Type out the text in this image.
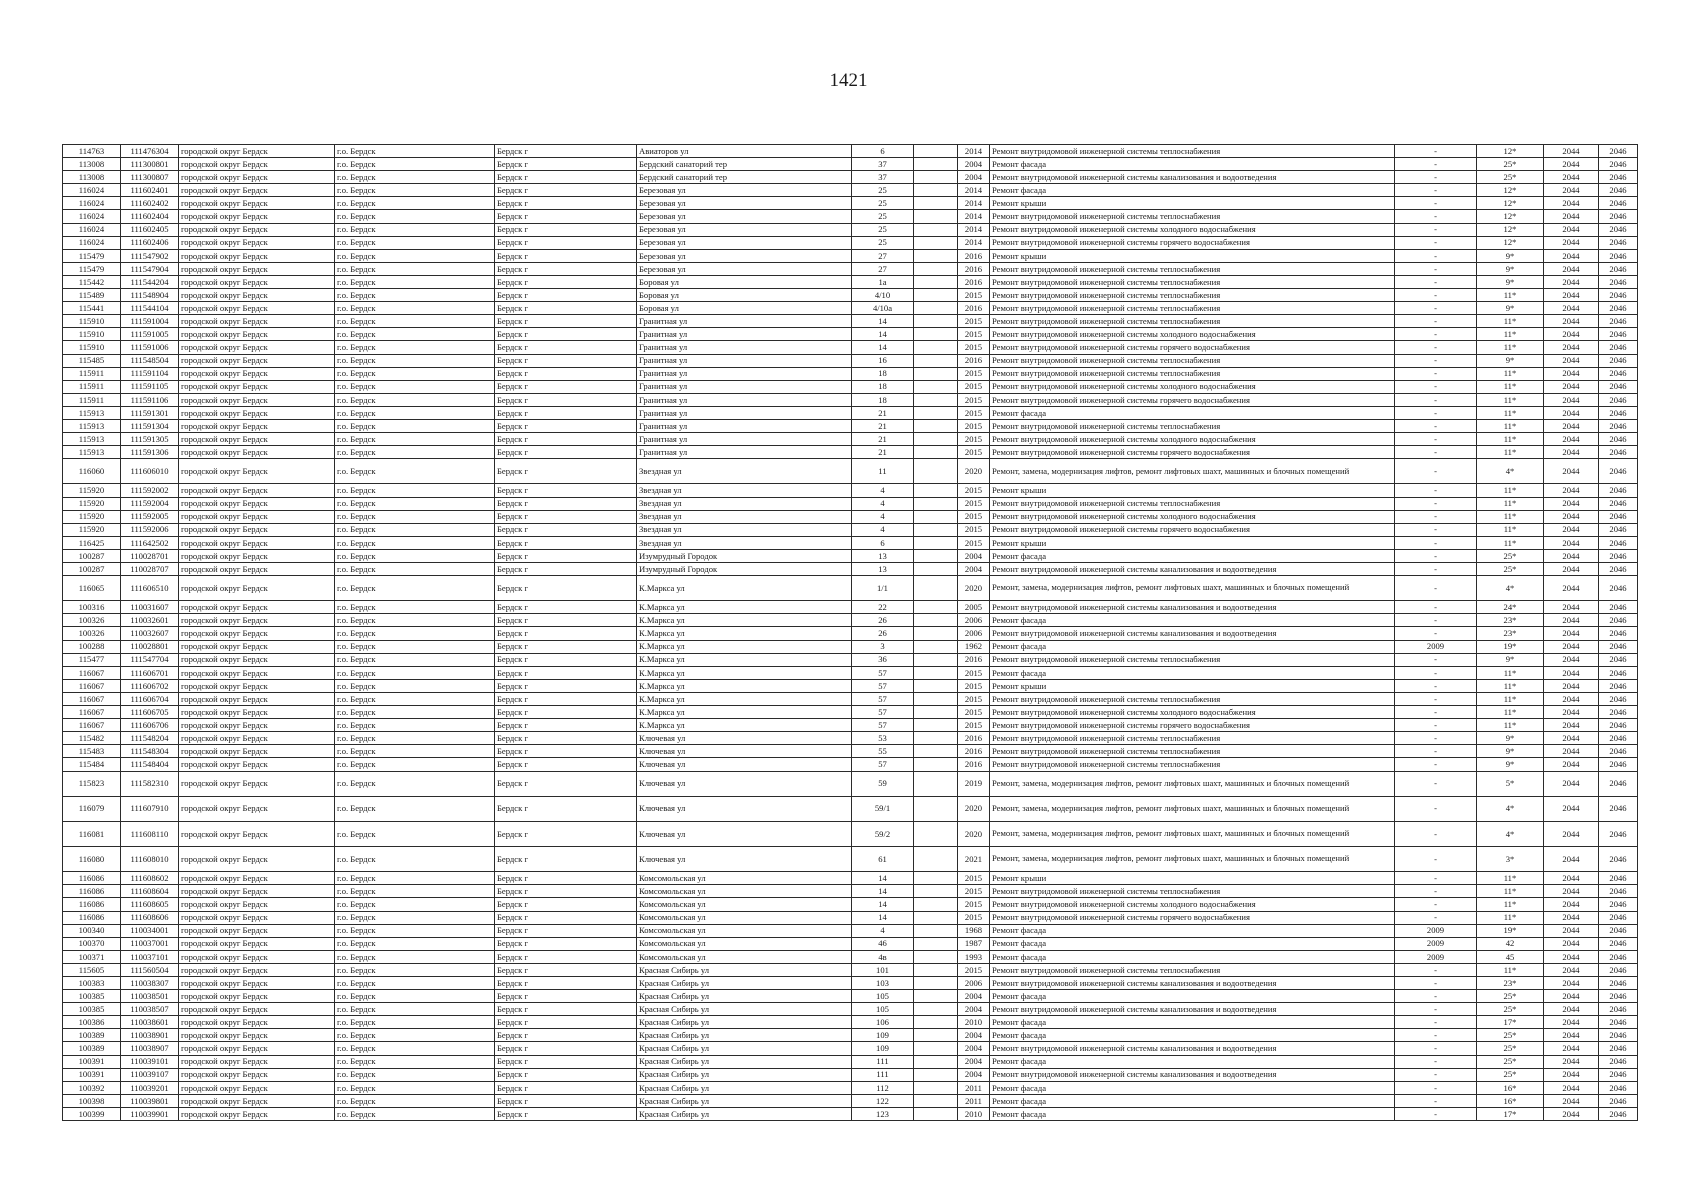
1421
114763	111476304	городской округ Бердск	г.о. Бердск	Бердск г	Авиаторов ул	6		2014	Ремонт внутридомовой инженерной системы теплоснабжения	-	12*	2044	2046
113008	111300801	городской округ Бердск	г.о. Бердск	Бердск г	Бердский санаторий тер	37		2004	Ремонт фасада	-	25*	2044	2046
113008	111300807	городской округ Бердск	г.о. Бердск	Бердск г	Бердский санаторий тер	37		2004	Ремонт внутридомовой инженерной системы канализования и водоотведения	-	25*	2044	2046
116024	111602401	городской округ Бердск	г.о. Бердск	Бердск г	Березовая ул	25		2014	Ремонт фасада	-	12*	2044	2046
116024	111602402	городской округ Бердск	г.о. Бердск	Бердск г	Березовая ул	25		2014	Ремонт крыши	-	12*	2044	2046
116024	111602404	городской округ Бердск	г.о. Бердск	Бердск г	Березовая ул	25		2014	Ремонт внутридомовой инженерной системы теплоснабжения	-	12*	2044	2046
116024	111602405	городской округ Бердск	г.о. Бердск	Бердск г	Березовая ул	25		2014	Ремонт внутридомовой инженерной системы холодного водоснабжения	-	12*	2044	2046
116024	111602406	городской округ Бердск	г.о. Бердск	Бердск г	Березовая ул	25		2014	Ремонт внутридомовой инженерной системы горячего водоснабжения	-	12*	2044	2046
115479	111547902	городской округ Бердск	г.о. Бердск	Бердск г	Березовая ул	27		2016	Ремонт крыши	-	9*	2044	2046
115479	111547904	городской округ Бердск	г.о. Бердск	Бердск г	Березовая ул	27		2016	Ремонт внутридомовой инженерной системы теплоснабжения	-	9*	2044	2046
115442	111544204	городской округ Бердск	г.о. Бердск	Бердск г	Боровая ул	1а		2016	Ремонт внутридомовой инженерной системы теплоснабжения	-	9*	2044	2046
115489	111548904	городской округ Бердск	г.о. Бердск	Бердск г	Боровая ул	4/10		2015	Ремонт внутридомовой инженерной системы теплоснабжения	-	11*	2044	2046
115441	111544104	городской округ Бердск	г.о. Бердск	Бердск г	Боровая ул	4/10а		2016	Ремонт внутридомовой инженерной системы теплоснабжения	-	9*	2044	2046
115910	111591004	городской округ Бердск	г.о. Бердск	Бердск г	Гранитная ул	14		2015	Ремонт внутридомовой инженерной системы теплоснабжения	-	11*	2044	2046
115910	111591005	городской округ Бердск	г.о. Бердск	Бердск г	Гранитная ул	14		2015	Ремонт внутридомовой инженерной системы холодного водоснабжения	-	11*	2044	2046
115910	111591006	городской округ Бердск	г.о. Бердск	Бердск г	Гранитная ул	14		2015	Ремонт внутридомовой инженерной системы горячего водоснабжения	-	11*	2044	2046
115485	111548504	городской округ Бердск	г.о. Бердск	Бердск г	Гранитная ул	16		2016	Ремонт внутридомовой инженерной системы теплоснабжения	-	9*	2044	2046
115911	111591104	городской округ Бердск	г.о. Бердск	Бердск г	Гранитная ул	18		2015	Ремонт внутридомовой инженерной системы теплоснабжения	-	11*	2044	2046
115911	111591105	городской округ Бердск	г.о. Бердск	Бердск г	Гранитная ул	18		2015	Ремонт внутридомовой инженерной системы холодного водоснабжения	-	11*	2044	2046
115911	111591106	городской округ Бердск	г.о. Бердск	Бердск г	Гранитная ул	18		2015	Ремонт внутридомовой инженерной системы горячего водоснабжения	-	11*	2044	2046
115913	111591301	городской округ Бердск	г.о. Бердск	Бердск г	Гранитная ул	21		2015	Ремонт фасада	-	11*	2044	2046
115913	111591304	городской округ Бердск	г.о. Бердск	Бердск г	Гранитная ул	21		2015	Ремонт внутридомовой инженерной системы теплоснабжения	-	11*	2044	2046
115913	111591305	городской округ Бердск	г.о. Бердск	Бердск г	Гранитная ул	21		2015	Ремонт внутридомовой инженерной системы холодного водоснабжения	-	11*	2044	2046
115913	111591306	городской округ Бердск	г.о. Бердск	Бердск г	Гранитная ул	21		2015	Ремонт внутридомовой инженерной системы горячего водоснабжения	-	11*	2044	2046
116060	111606010	городской округ Бердск	г.о. Бердск	Бердск г	Звездная ул	11		2020	Ремонт, замена, модернизация лифтов, ремонт лифтовых шахт, машинных и блочных помещений	-	4*	2044	2046
115920	111592002	городской округ Бердск	г.о. Бердск	Бердск г	Звездная ул	4		2015	Ремонт крыши	-	11*	2044	2046
115920	111592004	городской округ Бердск	г.о. Бердск	Бердск г	Звездная ул	4		2015	Ремонт внутридомовой инженерной системы теплоснабжения	-	11*	2044	2046
115920	111592005	городской округ Бердск	г.о. Бердск	Бердск г	Звездная ул	4		2015	Ремонт внутридомовой инженерной системы холодного водоснабжения	-	11*	2044	2046
115920	111592006	городской округ Бердск	г.о. Бердск	Бердск г	Звездная ул	4		2015	Ремонт внутридомовой инженерной системы горячего водоснабжения	-	11*	2044	2046
116425	111642502	городской округ Бердск	г.о. Бердск	Бердск г	Звездная ул	6		2015	Ремонт крыши	-	11*	2044	2046
100287	110028701	городской округ Бердск	г.о. Бердск	Бердск г	Изумрудный Городок	13		2004	Ремонт фасада	-	25*	2044	2046
100287	110028707	городской округ Бердск	г.о. Бердск	Бердск г	Изумрудный Городок	13		2004	Ремонт внутридомовой инженерной системы канализования и водоотведения	-	25*	2044	2046
116065	111606510	городской округ Бердск	г.о. Бердск	Бердск г	К.Маркса ул	1/1		2020	Ремонт, замена, модернизация лифтов, ремонт лифтовых шахт, машинных и блочных помещений	-	4*	2044	2046
100316	110031607	городской округ Бердск	г.о. Бердск	Бердск г	К.Маркса ул	22		2005	Ремонт внутридомовой инженерной системы канализования и водоотведения	-	24*	2044	2046
100326	110032601	городской округ Бердск	г.о. Бердск	Бердск г	К.Маркса ул	26		2006	Ремонт фасада	-	23*	2044	2046
100326	110032607	городской округ Бердск	г.о. Бердск	Бердск г	К.Маркса ул	26		2006	Ремонт внутридомовой инженерной системы канализования и водоотведения	-	23*	2044	2046
100288	110028801	городской округ Бердск	г.о. Бердск	Бердск г	К.Маркса ул	3		1962	Ремонт фасада	2009	19*	2044	2046
115477	111547704	городской округ Бердск	г.о. Бердск	Бердск г	К.Маркса ул	36		2016	Ремонт внутридомовой инженерной системы теплоснабжения	-	9*	2044	2046
116067	111606701	городской округ Бердск	г.о. Бердск	Бердск г	К.Маркса ул	57		2015	Ремонт фасада	-	11*	2044	2046
116067	111606702	городской округ Бердск	г.о. Бердск	Бердск г	К.Маркса ул	57		2015	Ремонт крыши	-	11*	2044	2046
116067	111606704	городской округ Бердск	г.о. Бердск	Бердск г	К.Маркса ул	57		2015	Ремонт внутридомовой инженерной системы теплоснабжения	-	11*	2044	2046
116067	111606705	городской округ Бердск	г.о. Бердск	Бердск г	К.Маркса ул	57		2015	Ремонт внутридомовой инженерной системы холодного водоснабжения	-	11*	2044	2046
116067	111606706	городской округ Бердск	г.о. Бердск	Бердск г	К.Маркса ул	57		2015	Ремонт внутридомовой инженерной системы горячего водоснабжения	-	11*	2044	2046
115482	111548204	городской округ Бердск	г.о. Бердск	Бердск г	Ключевая ул	53		2016	Ремонт внутридомовой инженерной системы теплоснабжения	-	9*	2044	2046
115483	111548304	городской округ Бердск	г.о. Бердск	Бердск г	Ключевая ул	55		2016	Ремонт внутридомовой инженерной системы теплоснабжения	-	9*	2044	2046
115484	111548404	городской округ Бердск	г.о. Бердск	Бердск г	Ключевая ул	57		2016	Ремонт внутридомовой инженерной системы теплоснабжения	-	9*	2044	2046
115823	111582310	городской округ Бердск	г.о. Бердск	Бердск г	Ключевая ул	59		2019	Ремонт, замена, модернизация лифтов, ремонт лифтовых шахт, машинных и блочных помещений	-	5*	2044	2046
116079	111607910	городской округ Бердск	г.о. Бердск	Бердск г	Ключевая ул	59/1		2020	Ремонт, замена, модернизация лифтов, ремонт лифтовых шахт, машинных и блочных помещений	-	4*	2044	2046
116081	111608110	городской округ Бердск	г.о. Бердск	Бердск г	Ключевая ул	59/2		2020	Ремонт, замена, модернизация лифтов, ремонт лифтовых шахт, машинных и блочных помещений	-	4*	2044	2046
116080	111608010	городской округ Бердск	г.о. Бердск	Бердск г	Ключевая ул	61		2021	Ремонт, замена, модернизация лифтов, ремонт лифтовых шахт, машинных и блочных помещений	-	3*	2044	2046
116086	111608602	городской округ Бердск	г.о. Бердск	Бердск г	Комсомольская ул	14		2015	Ремонт крыши	-	11*	2044	2046
116086	111608604	городской округ Бердск	г.о. Бердск	Бердск г	Комсомольская ул	14		2015	Ремонт внутридомовой инженерной системы теплоснабжения	-	11*	2044	2046
116086	111608605	городской округ Бердск	г.о. Бердск	Бердск г	Комсомольская ул	14		2015	Ремонт внутридомовой инженерной системы холодного водоснабжения	-	11*	2044	2046
116086	111608606	городской округ Бердск	г.о. Бердск	Бердск г	Комсомольская ул	14		2015	Ремонт внутридомовой инженерной системы горячего водоснабжения	-	11*	2044	2046
100340	110034001	городской округ Бердск	г.о. Бердск	Бердск г	Комсомольская ул	4		1968	Ремонт фасада	2009	19*	2044	2046
100370	110037001	городской округ Бердск	г.о. Бердск	Бердск г	Комсомольская ул	46		1987	Ремонт фасада	2009	42	2044	2046
100371	110037101	городской округ Бердск	г.о. Бердск	Бердск г	Комсомольская ул	4в		1993	Ремонт фасада	2009	45	2044	2046
115605	111560504	городской округ Бердск	г.о. Бердск	Бердск г	Красная Сибирь ул	101		2015	Ремонт внутридомовой инженерной системы теплоснабжения	-	11*	2044	2046
100383	110038307	городской округ Бердск	г.о. Бердск	Бердск г	Красная Сибирь ул	103		2006	Ремонт внутридомовой инженерной системы канализования и водоотведения	-	23*	2044	2046
100385	110038501	городской округ Бердск	г.о. Бердск	Бердск г	Красная Сибирь ул	105		2004	Ремонт фасада	-	25*	2044	2046
100385	110038507	городской округ Бердск	г.о. Бердск	Бердск г	Красная Сибирь ул	105		2004	Ремонт внутридомовой инженерной системы канализования и водоотведения	-	25*	2044	2046
100386	110038601	городской округ Бердск	г.о. Бердск	Бердск г	Красная Сибирь ул	106		2010	Ремонт фасада	-	17*	2044	2046
100389	110038901	городской округ Бердск	г.о. Бердск	Бердск г	Красная Сибирь ул	109		2004	Ремонт фасада	-	25*	2044	2046
100389	110038907	городской округ Бердск	г.о. Бердск	Бердск г	Красная Сибирь ул	109		2004	Ремонт внутридомовой инженерной системы канализования и водоотведения	-	25*	2044	2046
100391	110039101	городской округ Бердск	г.о. Бердск	Бердск г	Красная Сибирь ул	111		2004	Ремонт фасада	-	25*	2044	2046
100391	110039107	городской округ Бердск	г.о. Бердск	Бердск г	Красная Сибирь ул	111		2004	Ремонт внутридомовой инженерной системы канализования и водоотведения	-	25*	2044	2046
100392	110039201	городской округ Бердск	г.о. Бердск	Бердск г	Красная Сибирь ул	112		2011	Ремонт фасада	-	16*	2044	2046
100398	110039801	городской округ Бердск	г.о. Бердск	Бердск г	Красная Сибирь ул	122		2011	Ремонт фасада	-	16*	2044	2046
100399	110039901	городской округ Бердск	г.о. Бердск	Бердск г	Красная Сибирь ул	123		2010	Ремонт фасада	-	17*	2044	2046
